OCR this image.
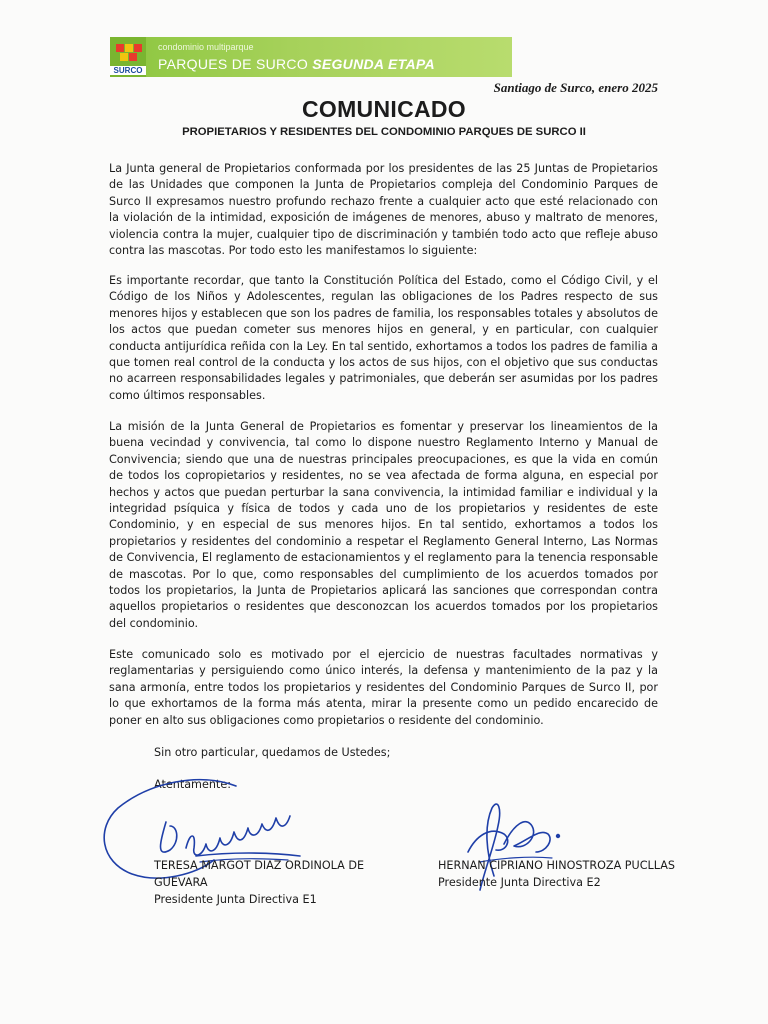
SURCO
condominio multiparque
PARQUES DE SURCO SEGUNDA ETAPA
Santiago de Surco, enero 2025
COMUNICADO
PROPIETARIOS Y RESIDENTES DEL CONDOMINIO PARQUES DE SURCO II

La Junta general de Propietarios conformada por los presidentes de las 25 Juntas de Propietarios de las Unidades que componen la Junta de Propietarios compleja del Condominio Parques de Surco II expresamos nuestro profundo rechazo frente a cualquier acto que esté relacionado con la violación de la intimidad, exposición de imágenes de menores, abuso y maltrato de menores, violencia contra la mujer, cualquier tipo de discriminación y también todo acto que refleje abuso contra las mascotas. Por todo esto les manifestamos lo siguiente:

Es importante recordar, que tanto la Constitución Política del Estado, como el Código Civil, y el Código de los Niños y Adolescentes, regulan las obligaciones de los Padres respecto de sus menores hijos y establecen que son los padres de familia, los responsables totales y absolutos de los actos que puedan cometer sus menores hijos en general, y en particular, con cualquier conducta antijurídica reñida con la Ley. En tal sentido, exhortamos a todos los padres de familia a que tomen real control de la conducta y los actos de sus hijos, con el objetivo que sus conductas no acarreen responsabilidades legales y patrimoniales, que deberán ser asumidas por los padres como últimos responsables.

La misión de la Junta General de Propietarios es fomentar y preservar los lineamientos de la buena vecindad y convivencia, tal como lo dispone nuestro Reglamento Interno y Manual de Convivencia; siendo que una de nuestras principales preocupaciones, es que la vida en común de todos los copropietarios y residentes, no se vea afectada de forma alguna, en especial por hechos y actos que puedan perturbar la sana convivencia, la intimidad familiar e individual y la integridad psíquica y física de todos y cada uno de los propietarios y residentes de este Condominio, y en especial de sus menores hijos. En tal sentido, exhortamos a todos los propietarios y residentes del condominio a respetar el Reglamento General Interno, Las Normas de Convivencia, El reglamento de estacionamientos y el reglamento para la tenencia responsable de mascotas. Por lo que, como responsables del cumplimiento de los acuerdos tomados por todos los propietarios, la Junta de Propietarios aplicará las sanciones que correspondan contra aquellos propietarios o residentes que desconozcan los acuerdos tomados por los propietarios del condominio.

Este comunicado solo es motivado por el ejercicio de nuestras facultades normativas y reglamentarias y persiguiendo como único interés, la defensa y mantenimiento de la paz y la sana armonía, entre todos los propietarios y residentes del Condominio Parques de Surco II, por lo que exhortamos de la forma más atenta, mirar la presente como un pedido encarecido de poner en alto sus obligaciones como propietarios o residente del condominio.

Sin otro particular, quedamos de Ustedes;
Atentamente:
TERESA MARGOT DIAZ ORDINOLA DE
GUEVARA
Presidente Junta Directiva E1
HERNAN CIPRIANO HINOSTROZA PUCLLAS
Presidente Junta Directiva E2
